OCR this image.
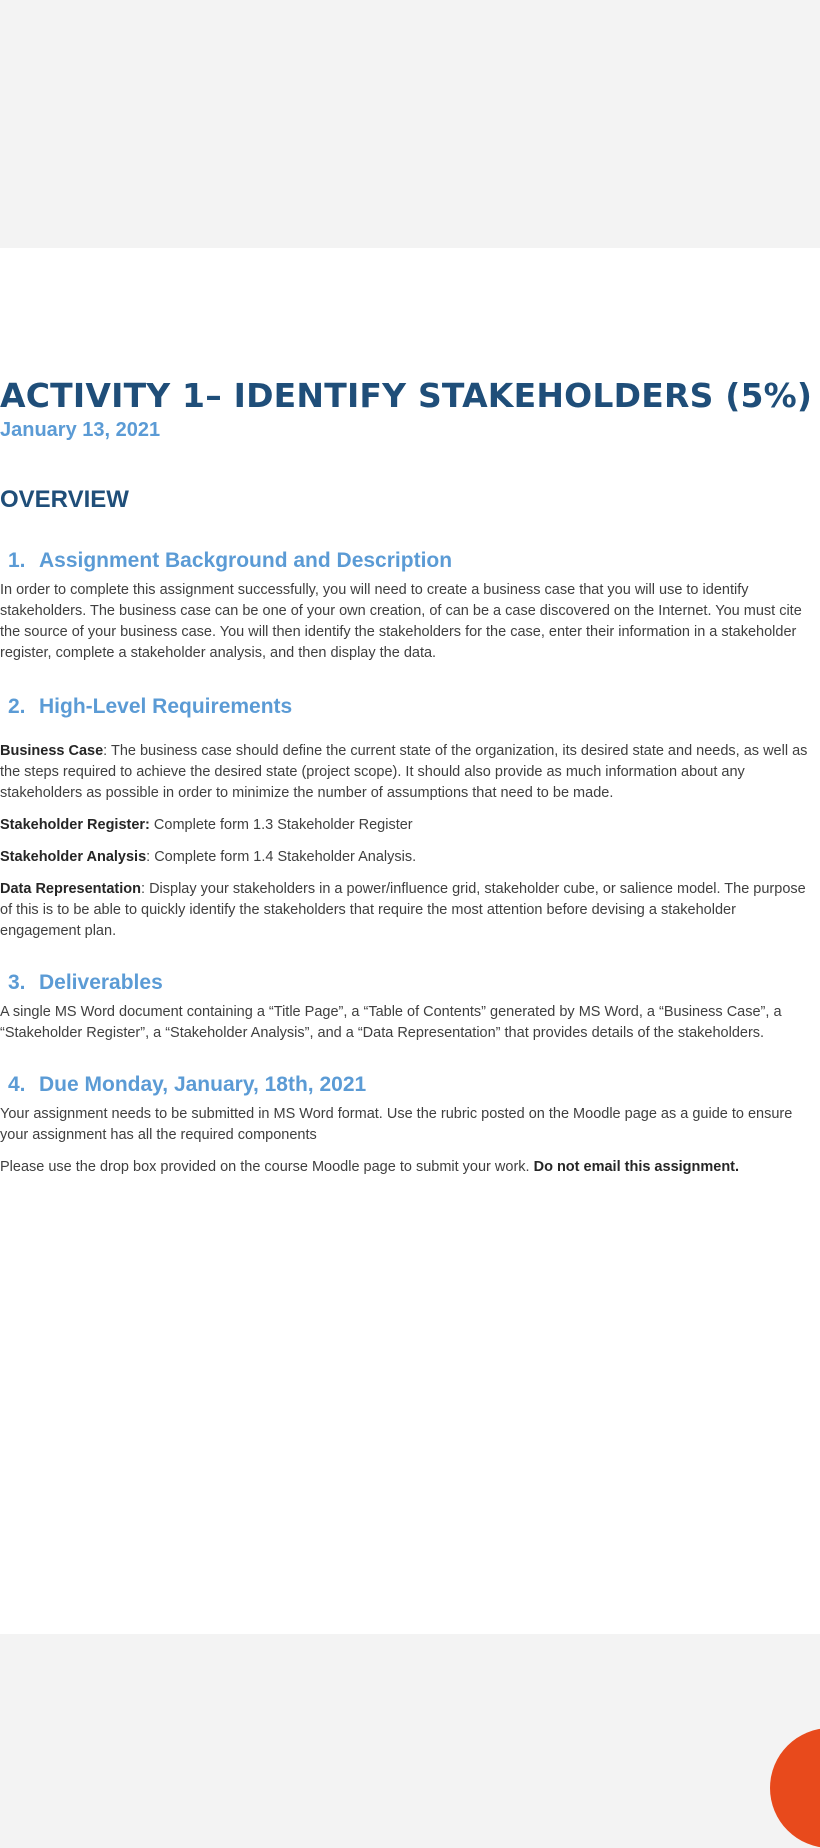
ACTIVITY 1– IDENTIFY STAKEHOLDERS (5%)
January 13, 2021
OVERVIEW
1. Assignment Background and Description

In order to complete this assignment successfully, you will need to create a business case that you will use to identify stakeholders. The business case can be one of your own creation, of can be a case discovered on the Internet. You must cite the source of your business case. You will then identify the stakeholders for the case, enter their information in a stakeholder register, complete a stakeholder analysis, and then display the data.

2. High-Level Requirements

Business Case: The business case should define the current state of the organization, its desired state and needs, as well as the steps required to achieve the desired state (project scope). It should also provide as much information about any stakeholders as possible in order to minimize the number of assumptions that need to be made.

Stakeholder Register: Complete form 1.3 Stakeholder Register

Stakeholder Analysis: Complete form 1.4 Stakeholder Analysis.

Data Representation: Display your stakeholders in a power/influence grid, stakeholder cube, or salience model. The purpose of this is to be able to quickly identify the stakeholders that require the most attention before devising a stakeholder engagement plan.

3. Deliverables

A single MS Word document containing a “Title Page”, a “Table of Contents” generated by MS Word, a “Business Case”, a “Stakeholder Register”, a “Stakeholder Analysis”, and a “Data Representation” that provides details of the stakeholders.

4. Due Monday, January, 18th, 2021

Your assignment needs to be submitted in MS Word format. Use the rubric posted on the Moodle page as a guide to ensure your assignment has all the required components

Please use the drop box provided on the course Moodle page to submit your work. Do not email this assignment.
